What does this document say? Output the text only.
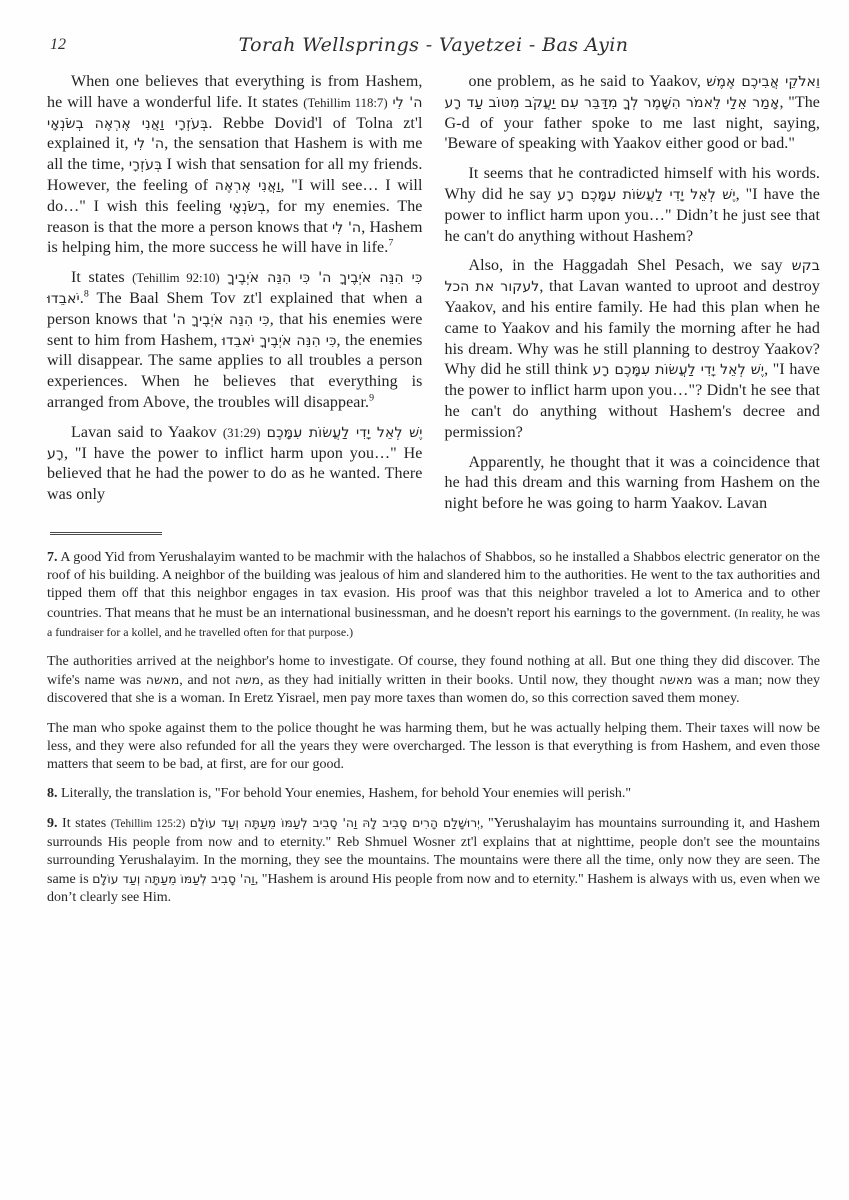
12	Torah Wellsprings - Vayetzei - Bas Ayin

When one believes that everything is from Hashem, he will have a wonderful life. It states (Tehillim 118:7) ה' לִי בְּעֹזְרָי וַאֲנִי אֶרְאֶה בְשֹׂנְאָי. Rebbe Dovid'l of Tolna zt'l explained it, ה' לִי, the sensation that Hashem is with me all the time, בְּעֹזְרָי I wish that sensation for all my friends. However, the feeling of וַאֲנִי אֶרְאֶה, "I will see… I will do…" I wish this feeling בְשֹׂנְאָי, for my enemies. The reason is that the more a person knows that ה' לִי, Hashem is helping him, the more success he will have in life.$^7$

It states (Tehillim 92:10) כִּי הִנֵּה אֹיְבֶיךָ ה' כִּי הִנֵּה אֹיְבֶיךָ יֹאבֵדוּ.$^8$ The Baal Shem Tov zt'l explained that when a person knows that כִּי הִנֵּה אֹיְבֶיךָ ה', that his enemies were sent to him from Hashem, כִּי הִנֵּה אֹיְבֶיךָ יֹאבֵדוּ, the enemies will disappear. The same applies to all troubles a person experiences. When he believes that everything is arranged from Above, the troubles will disappear.$^9$

Lavan said to Yaakov (31:29) יֶשׁ לְאֵל יָדִי לַעֲשׂוֹת עִמָּכֶם רָע, "I have the power to inflict harm upon you…" He believed that he had the power to do as he wanted. There was only

one problem, as he said to Yaakov, וֵאלֹקֵי אֲבִיכֶם אֶמֶשׁ אָמַר אֵלַי לֵאמֹר הִשָּׁמֶר לְךָ מִדַּבֵּר עִם יַעֲקֹב מִטּוֹב עַד רָע, "The G-d of your father spoke to me last night, saying, 'Beware of speaking with Yaakov either good or bad."

It seems that he contradicted himself with his words. Why did he say יֶשׁ לְאֵל יָדִי לַעֲשׂוֹת עִמָּכֶם רָע, "I have the power to inflict harm upon you…" Didn’t he just see that he can't do anything without Hashem?

Also, in the Haggadah Shel Pesach, we say בקש לעקור את הכל, that Lavan wanted to uproot and destroy Yaakov, and his entire family. He had this plan when he came to Yaakov and his family the morning after he had his dream. Why was he still planning to destroy Yaakov? Why did he still think יֶשׁ לְאֵל יָדִי לַעֲשׂוֹת עִמָּכֶם רָע, "I have the power to inflict harm upon you…"? Didn't he see that he can't do anything without Hashem's decree and permission?

Apparently, he thought that it was a coincidence that he had this dream and this warning from Hashem on the night before he was going to harm Yaakov. Lavan

7. A good Yid from Yerushalayim wanted to be machmir with the halachos of Shabbos, so he installed a Shabbos electric generator on the roof of his building. A neighbor of the building was jealous of him and slandered him to the authorities. He went to the tax authorities and tipped them off that this neighbor engages in tax evasion. His proof was that this neighbor traveled a lot to America and to other countries. That means that he must be an international businessman, and he doesn't report his earnings to the government. (In reality, he was a fundraiser for a kollel, and he travelled often for that purpose.)

The authorities arrived at the neighbor's home to investigate. Of course, they found nothing at all. But one thing they did discover. The wife's name was מאשה, and not משה, as they had initially written in their books. Until now, they thought מאשה was a man; now they discovered that she is a woman. In Eretz Yisrael, men pay more taxes than women do, so this correction saved them money.

The man who spoke against them to the police thought he was harming them, but he was actually helping them. Their taxes will now be less, and they were also refunded for all the years they were overcharged. The lesson is that everything is from Hashem, and even those matters that seem to be bad, at first, are for our good.

8. Literally, the translation is, "For behold Your enemies, Hashem, for behold Your enemies will perish."

9. It states (Tehillim 125:2) יְרוּשָׁלִַם הָרִים סָבִיב לָהּ וַה' סָבִיב לְעַמּוֹ מֵעַתָּה וְעַד עוֹלָם, "Yerushalayim has mountains surrounding it, and Hashem surrounds His people from now and to eternity." Reb Shmuel Wosner zt'l explains that at nighttime, people don't see the mountains surrounding Yerushalayim. In the morning, they see the mountains. The mountains were there all the time, only now they are seen. The same is וַה' סָבִיב לְעַמּוֹ מֵעַתָּה וְעַד עוֹלָם, "Hashem is around His people from now and to eternity." Hashem is always with us, even when we don’t clearly see Him.
